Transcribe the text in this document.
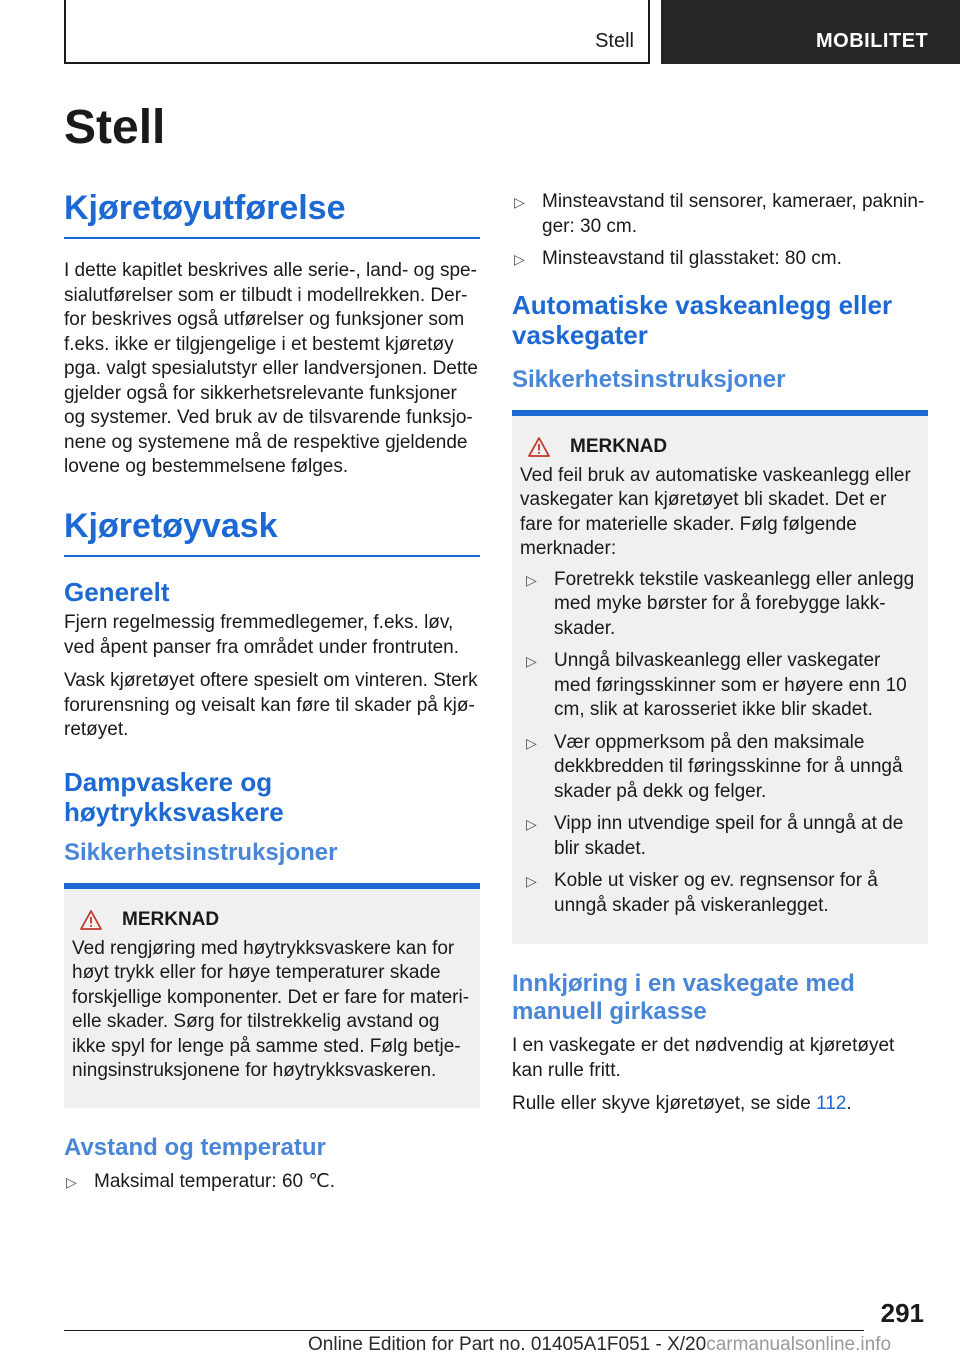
Stell	MOBILITET
Stell
Kjøretøyutførelse

I dette kapitlet beskrives alle serie-, land- og spesialutførelser som er tilbudt i modellrekken. Derfor beskrives også utførelser og funksjoner som f.eks. ikke er tilgjengelige i et bestemt kjøretøy pga. valgt spesialutstyr eller landversjonen. Dette gjelder også for sikkerhetsrelevante funksjoner og systemer. Ved bruk av de tilsvarende funksjonene og systemene må de respektive gjeldende lovene og bestemmelsene følges.

Kjøretøyvask
Generelt

Fjern regelmessig fremmedlegemer, f.eks. løv, ved åpent panser fra området under frontruten.

Vask kjøretøyet oftere spesielt om vinteren. Sterk forurensning og veisalt kan føre til skader på kjøretøyet.

Dampvaskere og høytrykksvaskere
Sikkerhetsinstruksjoner
MERKNAD

Ved rengjøring med høytrykksvaskere kan for høyt trykk eller for høye temperaturer skade forskjellige komponenter. Det er fare for materielle skader. Sørg for tilstrekkelig avstand og ikke spyl for lenge på samme sted. Følg betjeningsinstruksjonene for høytrykksvaskeren.

Avstand og temperatur
▷ Maksimal temperatur: 60 ℃.
▷ Minsteavstand til sensorer, kameraer, pakninger: 30 cm.
▷ Minsteavstand til glasstaket: 80 cm.
Automatiske vaskeanlegg eller vaskegater
Sikkerhetsinstruksjoner
MERKNAD

Ved feil bruk av automatiske vaskeanlegg eller vaskegater kan kjøretøyet bli skadet. Det er fare for materielle skader. Følg følgende merknader:

▷ Foretrekk tekstile vaskeanlegg eller anlegg med myke børster for å forebygge lakkskader.
▷ Unngå bilvaskeanlegg eller vaskegater med føringsskinner som er høyere enn 10 cm, slik at karosseriet ikke blir skadet.
▷ Vær oppmerksom på den maksimale dekkbredden til føringsskinne for å unngå skader på dekk og felger.
▷ Vipp inn utvendige speil for å unngå at de blir skadet.
▷ Koble ut visker og ev. regnsensor for å unngå skader på viskeranlegget.
Innkjøring i en vaskegate med manuell girkasse

I en vaskegate er det nødvendig at kjøretøyet kan rulle fritt.

Rulle eller skyve kjøretøyet, se side 112.

291
Online Edition for Part no. 01405A1F051 - X/20carmanualsonline.info
